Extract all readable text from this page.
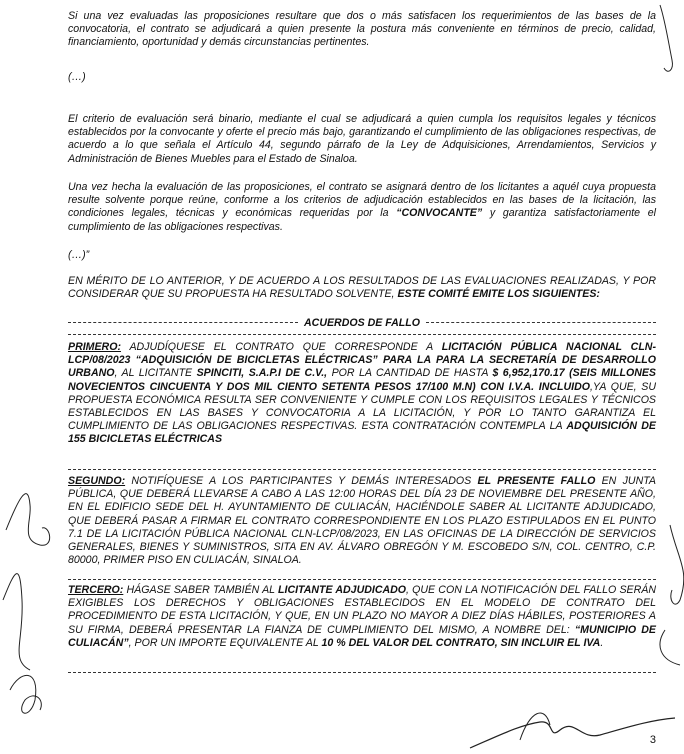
Si una vez evaluadas las proposiciones resultare que dos o más satisfacen los requerimientos de las bases de la convocatoria, el contrato se adjudicará a quien presente la postura más conveniente en términos de precio, calidad, financiamiento, oportunidad y demás circunstancias pertinentes.

(…)

El criterio de evaluación será binario, mediante el cual se adjudicará a quien cumpla los requisitos legales y técnicos establecidos por la convocante y oferte el precio más bajo, garantizando el cumplimiento de las obligaciones respectivas, de acuerdo a lo que señala el Artículo 44, segundo párrafo de la Ley de Adquisiciones, Arrendamientos, Servicios y Administración de Bienes Muebles para el Estado de Sinaloa.

Una vez hecha la evaluación de las proposiciones, el contrato se asignará dentro de los licitantes a aquél cuya propuesta resulte solvente porque reúne, conforme a los criterios de adjudicación establecidos en las bases de la licitación, las condiciones legales, técnicas y económicas requeridas por la “CONVOCANTE” y garantiza satisfactoriamente el cumplimiento de las obligaciones respectivas.

(…)”

EN MÉRITO DE LO ANTERIOR, Y DE ACUERDO A LOS RESULTADOS DE LAS EVALUACIONES REALIZADAS, Y POR CONSIDERAR QUE SU PROPUESTA HA RESULTADO SOLVENTE, ESTE COMITÉ EMITE LOS SIGUIENTES:

ACUERDOS DE FALLO

PRIMERO: ADJUDÍQUESE EL CONTRATO QUE CORRESPONDE A LICITACIÓN PÚBLICA NACIONAL CLN-LCP/08/2023 “ADQUISICIÓN DE BICICLETAS ELÉCTRICAS” PARA LA PARA LA SECRETARÍA DE DESARROLLO URBANO, AL LICITANTE SPINCITI, S.A.P.I DE C.V., POR LA CANTIDAD DE HASTA $ 6,952,170.17 (SEIS MILLONES NOVECIENTOS CINCUENTA Y DOS MIL CIENTO SETENTA PESOS 17/100 M.N) CON I.V.A. INCLUIDO,YA QUE, SU PROPUESTA ECONÓMICA RESULTA SER CONVENIENTE Y CUMPLE CON LOS REQUISITOS LEGALES Y TÉCNICOS ESTABLECIDOS EN LAS BASES Y CONVOCATORIA A LA LICITACIÓN, Y POR LO TANTO GARANTIZA EL CUMPLIMIENTO DE LAS OBLIGACIONES RESPECTIVAS. ESTA CONTRATACIÓN CONTEMPLA LA ADQUISICIÓN DE 155 BICICLETAS ELÉCTRICAS

SEGUNDO: NOTIFÍQUESE A LOS PARTICIPANTES Y DEMÁS INTERESADOS EL PRESENTE FALLO EN JUNTA PÚBLICA, QUE DEBERÁ LLEVARSE A CABO A LAS 12:00 HORAS DEL DÍA 23 DE NOVIEMBRE DEL PRESENTE AÑO, EN EL EDIFICIO SEDE DEL H. AYUNTAMIENTO DE CULIACÁN, HACIÉNDOLE SABER AL LICITANTE ADJUDICADO, QUE DEBERÁ PASAR A FIRMAR EL CONTRATO CORRESPONDIENTE EN LOS PLAZO ESTIPULADOS EN EL PUNTO 7.1 DE LA LICITACIÓN PÚBLICA NACIONAL CLN-LCP/08/2023, EN LAS OFICINAS DE LA DIRECCIÓN DE SERVICIOS GENERALES, BIENES Y SUMINISTROS, SITA EN AV. ÁLVARO OBREGÓN Y M. ESCOBEDO S/N, COL. CENTRO, C.P. 80000, PRIMER PISO EN CULIACÁN, SINALOA.

TERCERO: HÁGASE SABER TAMBIÉN AL LICITANTE ADJUDICADO, QUE CON LA NOTIFICACIÓN DEL FALLO SERÁN EXIGIBLES LOS DERECHOS Y OBLIGACIONES ESTABLECIDOS EN EL MODELO DE CONTRATO DEL PROCEDIMIENTO DE ESTA LICITACIÓN, Y QUE, EN UN PLAZO NO MAYOR A DIEZ DÍAS HÁBILES, POSTERIORES A SU FIRMA, DEBERÁ PRESENTAR LA FIANZA DE CUMPLIMIENTO DEL MISMO, A NOMBRE DEL: “MUNICIPIO DE CULIACÁN”, POR UN IMPORTE EQUIVALENTE AL 10 % DEL VALOR DEL CONTRATO, SIN INCLUIR EL IVA.

3
